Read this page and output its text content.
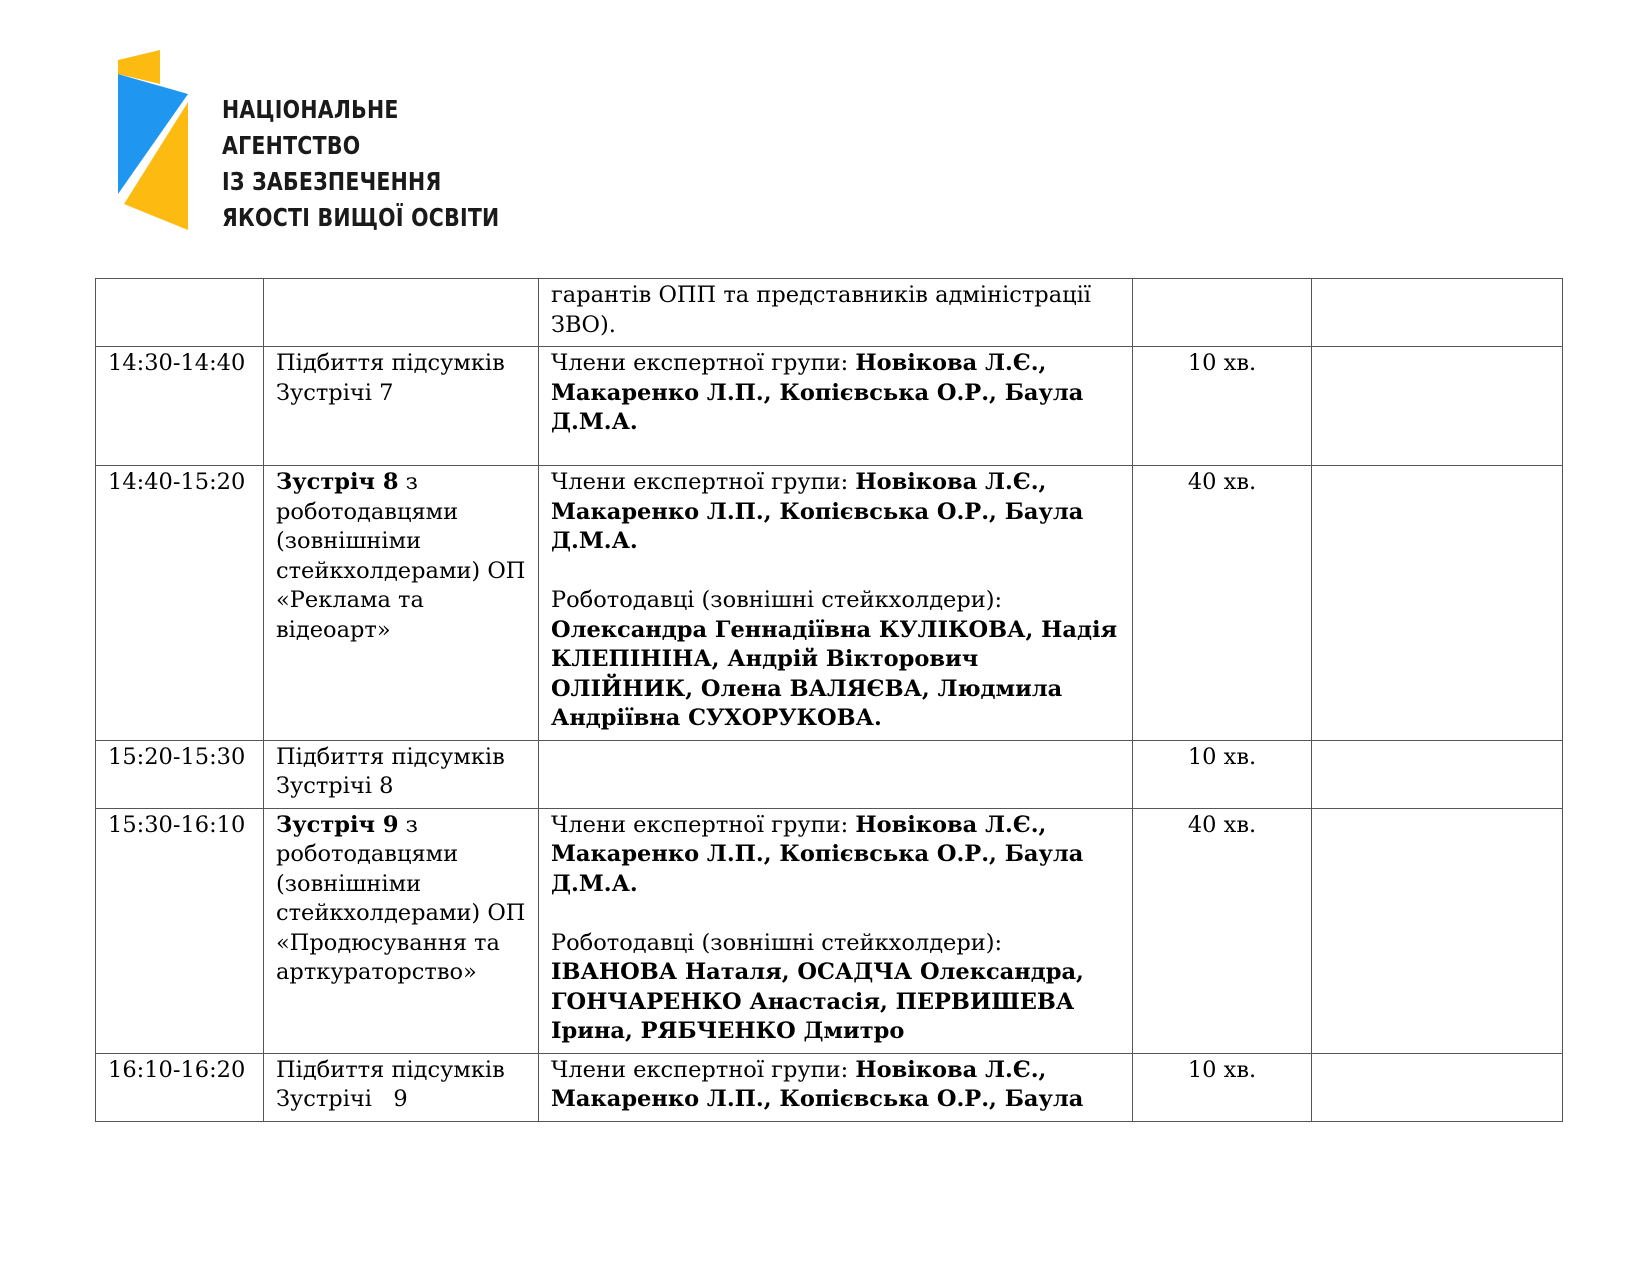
НАЦІОНАЛЬНЕ
АГЕНТСТВО
ІЗ ЗАБЕЗПЕЧЕННЯ
ЯКОСТІ ВИЩОЇ ОСВІТИ
		гарантів ОПП та представників адміністрації ЗВО).		
14:30-14:40	Підбиття підсумків Зустрічі 7	Члени експертної групи: Новікова Л.Є., Макаренко Л.П., Копієвська О.Р., Баула Д.М.А.	10 хв.	
14:40-15:20	Зустріч 8 з роботодавцями (зовнішніми стейкхолдерами) ОП «Реклама та відеоарт»	Члени експертної групи: Новікова Л.Є., Макаренко Л.П., Копієвська О.Р., Баула Д.М.А.
Роботодавці (зовнішні стейкхолдери):
Олександра Геннадіївна КУЛІКОВА, Надія КЛЕПІНІНА, Андрій Вікторович ОЛІЙНИК, Олена ВАЛЯЄВА, Людмила Андріївна СУХОРУКОВА.	40 хв.	
15:20-15:30	Підбиття підсумків Зустрічі 8		10 хв.	
15:30-16:10	Зустріч 9 з роботодавцями (зовнішніми стейкхолдерами) ОП «Продюсування та арткураторство»	Члени експертної групи: Новікова Л.Є., Макаренко Л.П., Копієвська О.Р., Баула Д.М.А.
Роботодавці (зовнішні стейкхолдери):
ІВАНОВА Наталя, ОСАДЧА Олександра, ГОНЧАРЕНКО Анастасія, ПЕРВИШЕВА Ірина, РЯБЧЕНКО Дмитро	40 хв.	
16:10-16:20	Підбиття підсумків Зустрічі   9	Члени експертної групи: Новікова Л.Є., Макаренко Л.П., Копієвська О.Р., Баула	10 хв.	
